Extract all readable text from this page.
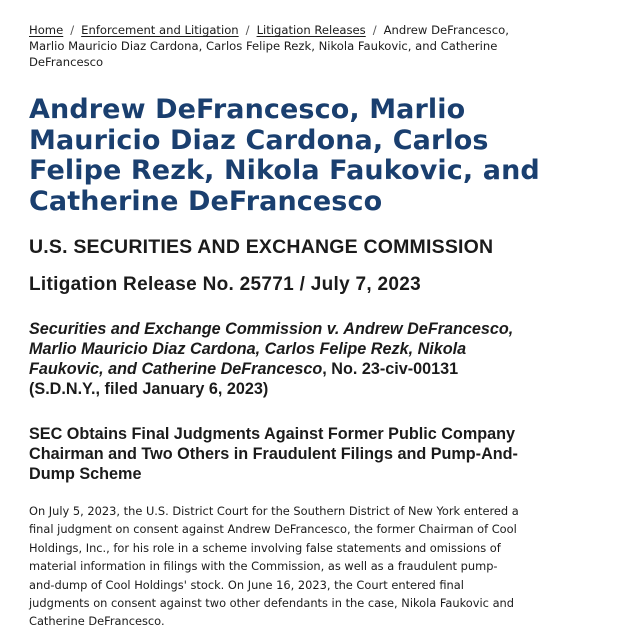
Home / Enforcement and Litigation / Litigation Releases / Andrew DeFrancesco, Marlio Mauricio Diaz Cardona, Carlos Felipe Rezk, Nikola Faukovic, and Catherine DeFrancesco
Andrew DeFrancesco, Marlio Mauricio Diaz Cardona, Carlos Felipe Rezk, Nikola Faukovic, and Catherine DeFrancesco
U.S. SECURITIES AND EXCHANGE COMMISSION
Litigation Release No. 25771 / July 7, 2023

Securities and Exchange Commission v. Andrew DeFrancesco, Marlio Mauricio Diaz Cardona, Carlos Felipe Rezk, Nikola Faukovic, and Catherine DeFrancesco, No. 23-civ-00131 (S.D.N.Y., filed January 6, 2023)

SEC Obtains Final Judgments Against Former Public Company Chairman and Two Others in Fraudulent Filings and Pump-And-Dump Scheme

On July 5, 2023, the U.S. District Court for the Southern District of New York entered a final judgment on consent against Andrew DeFrancesco, the former Chairman of Cool Holdings, Inc., for his role in a scheme involving false statements and omissions of material information in filings with the Commission, as well as a fraudulent pump-and-dump of Cool Holdings' stock. On June 16, 2023, the Court entered final judgments on consent against two other defendants in the case, Nikola Faukovic and Catherine DeFrancesco.
